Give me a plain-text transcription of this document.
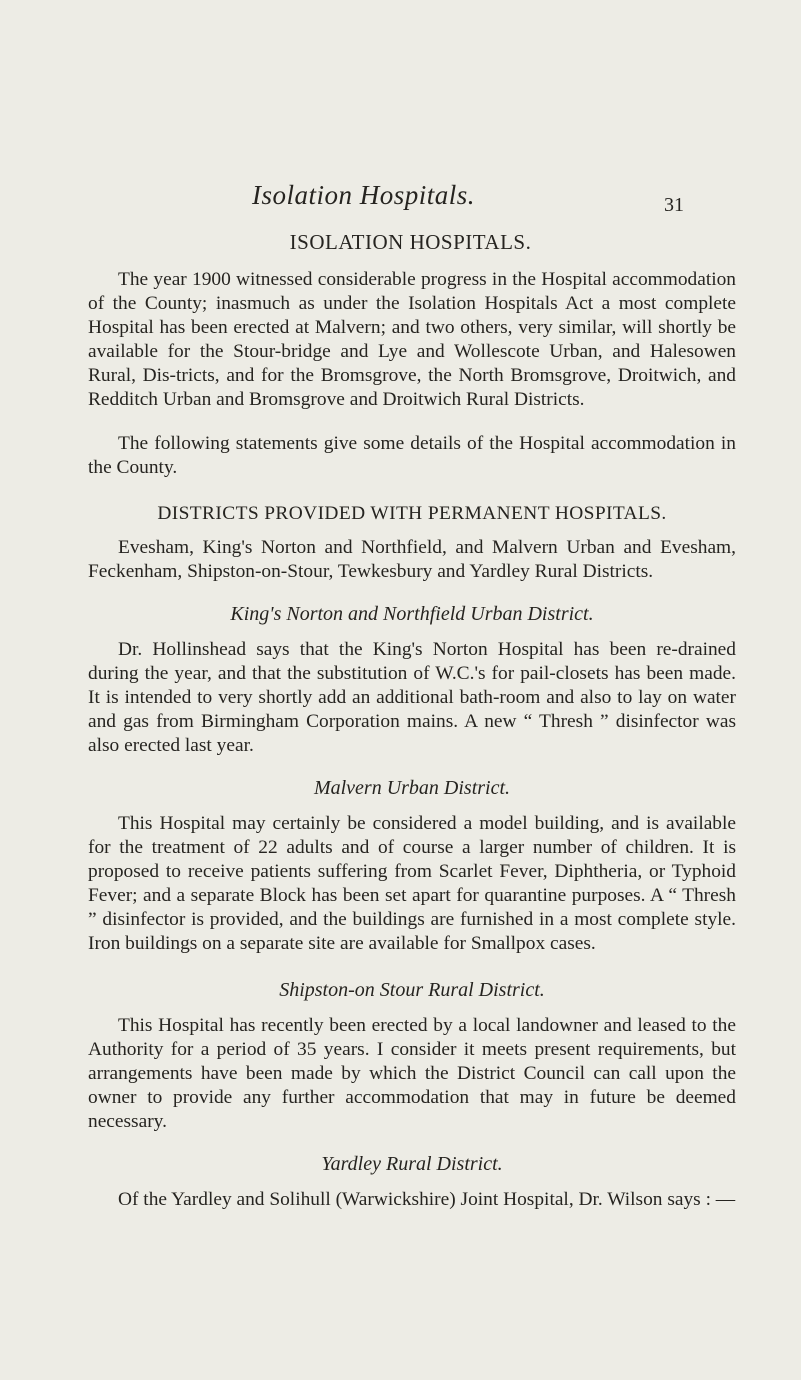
Isolation Hospitals.	31
ISOLATION HOSPITALS.

The year 1900 witnessed considerable progress in the Hospital accommodation of the County; inasmuch as under the Isolation Hospitals Act a most complete Hospital has been erected at Malvern; and two others, very similar, will shortly be available for the Stour-bridge and Lye and Wollescote Urban, and Halesowen Rural, Dis-tricts, and for the Bromsgrove, the North Bromsgrove, Droitwich, and Redditch Urban and Bromsgrove and Droitwich Rural Districts.

The following statements give some details of the Hospital accommodation in the County.

DISTRICTS PROVIDED WITH PERMANENT HOSPITALS.

Evesham, King's Norton and Northfield, and Malvern Urban and Evesham, Feckenham, Shipston-on-Stour, Tewkesbury and Yardley Rural Districts.

King's Norton and Northfield Urban District.

Dr. Hollinshead says that the King's Norton Hospital has been re-drained during the year, and that the substitution of W.C.'s for pail-closets has been made. It is intended to very shortly add an additional bath-room and also to lay on water and gas from Birmingham Corporation mains. A new “ Thresh ” disinfector was also erected last year.

Malvern Urban District.

This Hospital may certainly be considered a model building, and is available for the treatment of 22 adults and of course a larger number of children. It is proposed to receive patients suffering from Scarlet Fever, Diphtheria, or Typhoid Fever; and a separate Block has been set apart for quarantine purposes. A “ Thresh ” disinfector is provided, and the buildings are furnished in a most complete style. Iron buildings on a separate site are available for Smallpox cases.

Shipston-on Stour Rural District.

This Hospital has recently been erected by a local landowner and leased to the Authority for a period of 35 years. I consider it meets present requirements, but arrangements have been made by which the District Council can call upon the owner to provide any further accommodation that may in future be deemed necessary.

Yardley Rural District.

Of the Yardley and Solihull (Warwickshire) Joint Hospital, Dr. Wilson says : —
